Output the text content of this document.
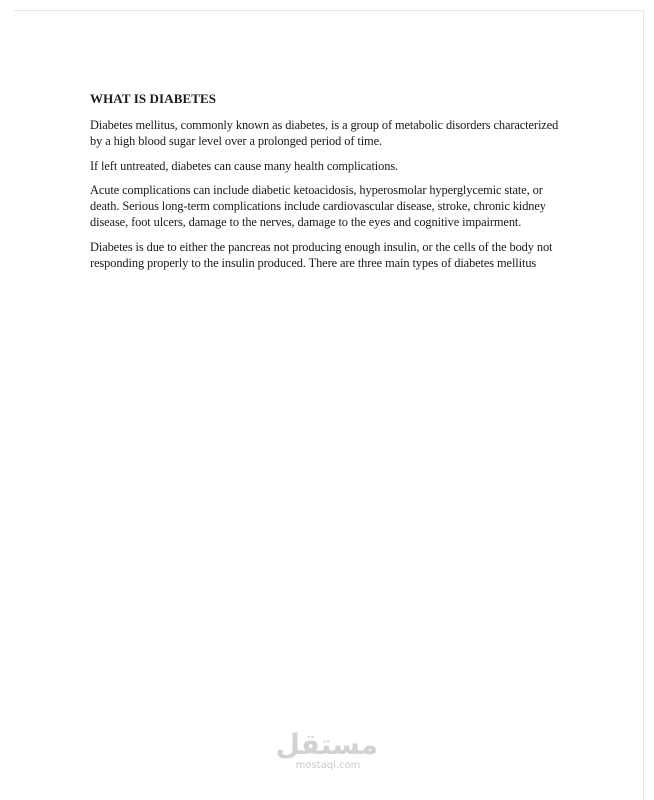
WHAT IS DIABETES

Diabetes mellitus, commonly known as diabetes, is a group of metabolic disorders characterized by a high blood sugar level over a prolonged period of time.

If left untreated, diabetes can cause many health complications.

Acute complications can include diabetic ketoacidosis, hyperosmolar hyperglycemic state, or death. Serious long-term complications include cardiovascular disease, stroke, chronic kidney disease, foot ulcers, damage to the nerves, damage to the eyes and cognitive impairment.

Diabetes is due to either the pancreas not producing enough insulin, or the cells of the body not responding properly to the insulin produced. There are three main types of diabetes mellitus

مستقل
mostaql.com
